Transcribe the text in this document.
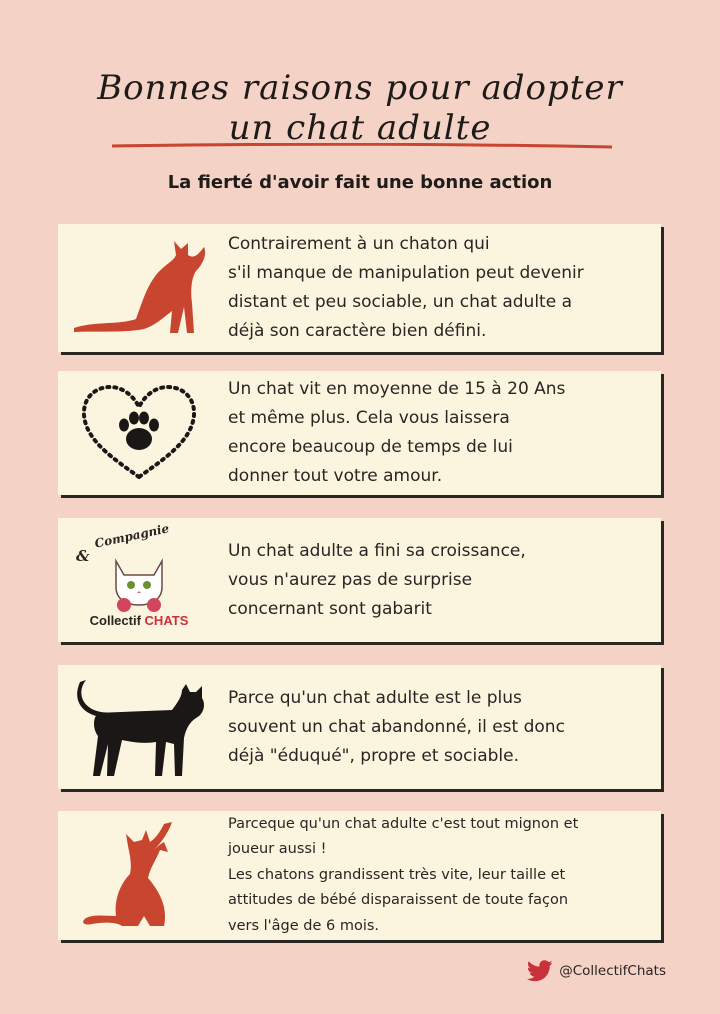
Bonnes raisons pour adopter
un chat adulte
La fierté d'avoir fait une bonne action
Contrairement à un chaton qui
s'il manque de manipulation peut devenir
distant et peu sociable, un chat adulte a
déjà son caractère bien défini.
Un chat vit en moyenne de 15 à 20 Ans
et même plus. Cela vous laissera
encore beaucoup de temps de lui
donner tout votre amour.
&
Compagnie
Collectif CHATS
Un chat adulte a fini sa croissance,
vous n'aurez pas de surprise
concernant sont gabarit
Parce qu'un chat adulte est le plus
souvent un chat abandonné, il est donc
déjà "éduqué", propre et sociable.
Parceque qu'un chat adulte c'est tout mignon et
joueur aussi !
Les chatons grandissent très vite, leur taille et
attitudes de bébé disparaissent de toute façon
vers l'âge de 6 mois.
@CollectifChats
